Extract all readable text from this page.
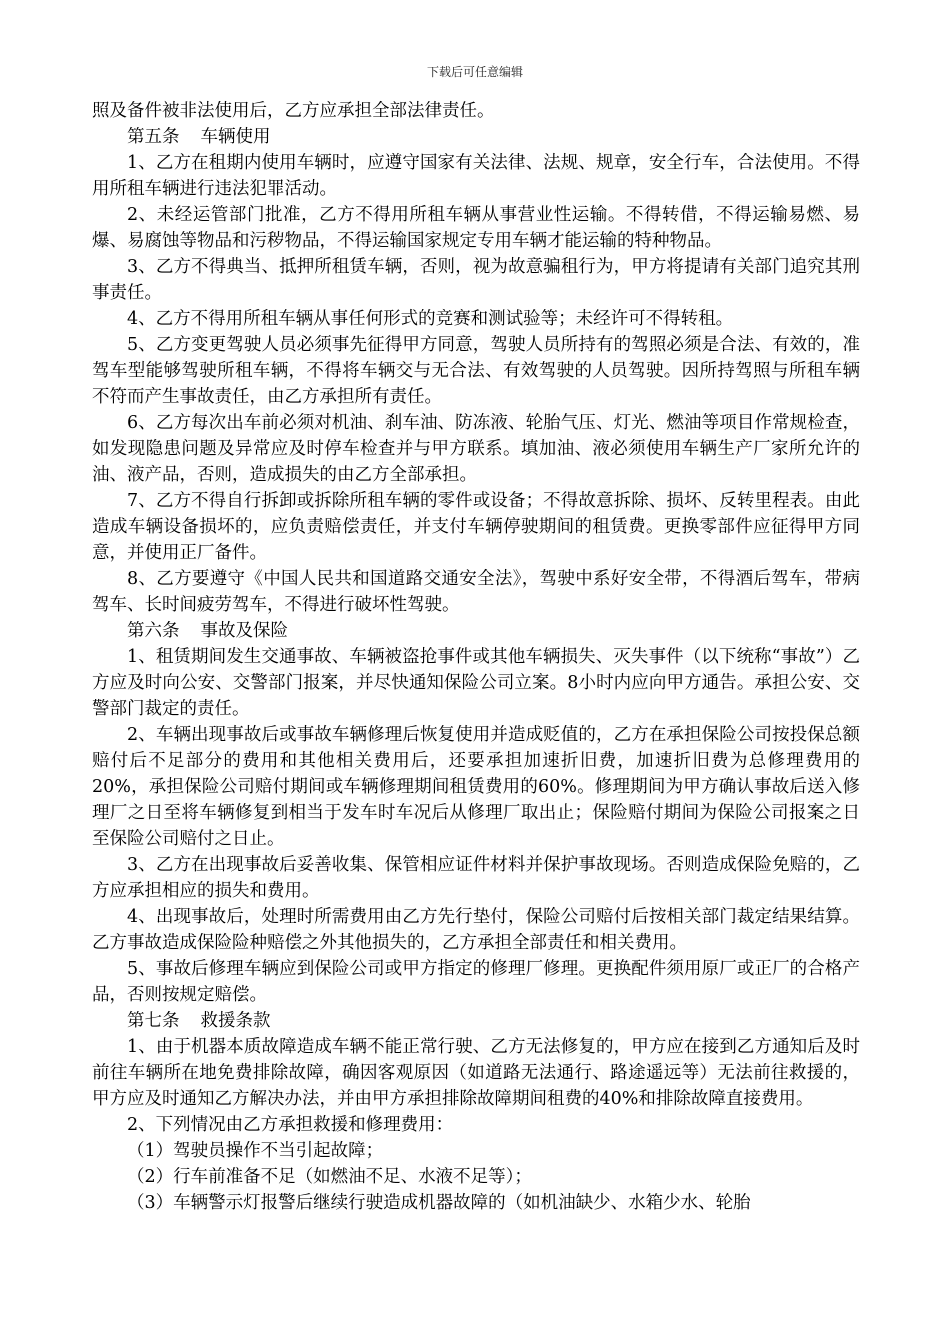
下载后可任意编辑

照及备件被非法使用后，乙方应承担全部法律责任。

第五条 车辆使用

1、乙方在租期内使用车辆时，应遵守国家有关法律、法规、规章，安全行车，合法使用。不得用所租车辆进行违法犯罪活动。

2、未经运管部门批准，乙方不得用所租车辆从事营业性运输。不得转借，不得运输易燃、易爆、易腐蚀等物品和污秽物品，不得运输国家规定专用车辆才能运输的特种物品。

3、乙方不得典当、抵押所租赁车辆，否则，视为故意骗租行为，甲方将提请有关部门追究其刑事责任。

4、乙方不得用所租车辆从事任何形式的竞赛和测试验等；未经许可不得转租。

5、乙方变更驾驶人员必须事先征得甲方同意，驾驶人员所持有的驾照必须是合法、有效的，准驾车型能够驾驶所租车辆，不得将车辆交与无合法、有效驾驶的人员驾驶。因所持驾照与所租车辆不符而产生事故责任，由乙方承担所有责任。

6、乙方每次出车前必须对机油、刹车油、防冻液、轮胎气压、灯光、燃油等项目作常规检查，如发现隐患问题及异常应及时停车检查并与甲方联系。填加油、液必须使用车辆生产厂家所允许的油、液产品，否则，造成损失的由乙方全部承担。

7、乙方不得自行拆卸或拆除所租车辆的零件或设备；不得故意拆除、损坏、反转里程表。由此造成车辆设备损坏的，应负责赔偿责任，并支付车辆停驶期间的租赁费。更换零部件应征得甲方同意，并使用正厂备件。

8、乙方要遵守《中国人民共和国道路交通安全法》，驾驶中系好安全带，不得酒后驾车，带病驾车、长时间疲劳驾车，不得进行破坏性驾驶。

第六条 事故及保险

1、租赁期间发生交通事故、车辆被盗抢事件或其他车辆损失、灭失事件（以下统称“事故”）乙方应及时向公安、交警部门报案，并尽快通知保险公司立案。8小时内应向甲方通告。承担公安、交警部门裁定的责任。

2、车辆出现事故后或事故车辆修理后恢复使用并造成贬值的，乙方在承担保险公司按投保总额赔付后不足部分的费用和其他相关费用后，还要承担加速折旧费，加速折旧费为总修理费用的20%，承担保险公司赔付期间或车辆修理期间租赁费用的60%。修理期间为甲方确认事故后送入修理厂之日至将车辆修复到相当于发车时车况后从修理厂取出止；保险赔付期间为保险公司报案之日至保险公司赔付之日止。

3、乙方在出现事故后妥善收集、保管相应证件材料并保护事故现场。否则造成保险免赔的，乙方应承担相应的损失和费用。

4、出现事故后，处理时所需费用由乙方先行垫付，保险公司赔付后按相关部门裁定结果结算。乙方事故造成保险险种赔偿之外其他损失的，乙方承担全部责任和相关费用。

5、事故后修理车辆应到保险公司或甲方指定的修理厂修理。更换配件须用原厂或正厂的合格产品，否则按规定赔偿。

第七条 救援条款

1、由于机器本质故障造成车辆不能正常行驶、乙方无法修复的，甲方应在接到乙方通知后及时前往车辆所在地免费排除故障，确因客观原因（如道路无法通行、路途遥远等）无法前往救援的，甲方应及时通知乙方解决办法，并由甲方承担排除故障期间租费的40%和排除故障直接费用。

2、下列情况由乙方承担救援和修理费用：

（1）驾驶员操作不当引起故障；

（2）行车前准备不足（如燃油不足、水液不足等）；

（3）车辆警示灯报警后继续行驶造成机器故障的（如机油缺少、水箱少水、轮胎
